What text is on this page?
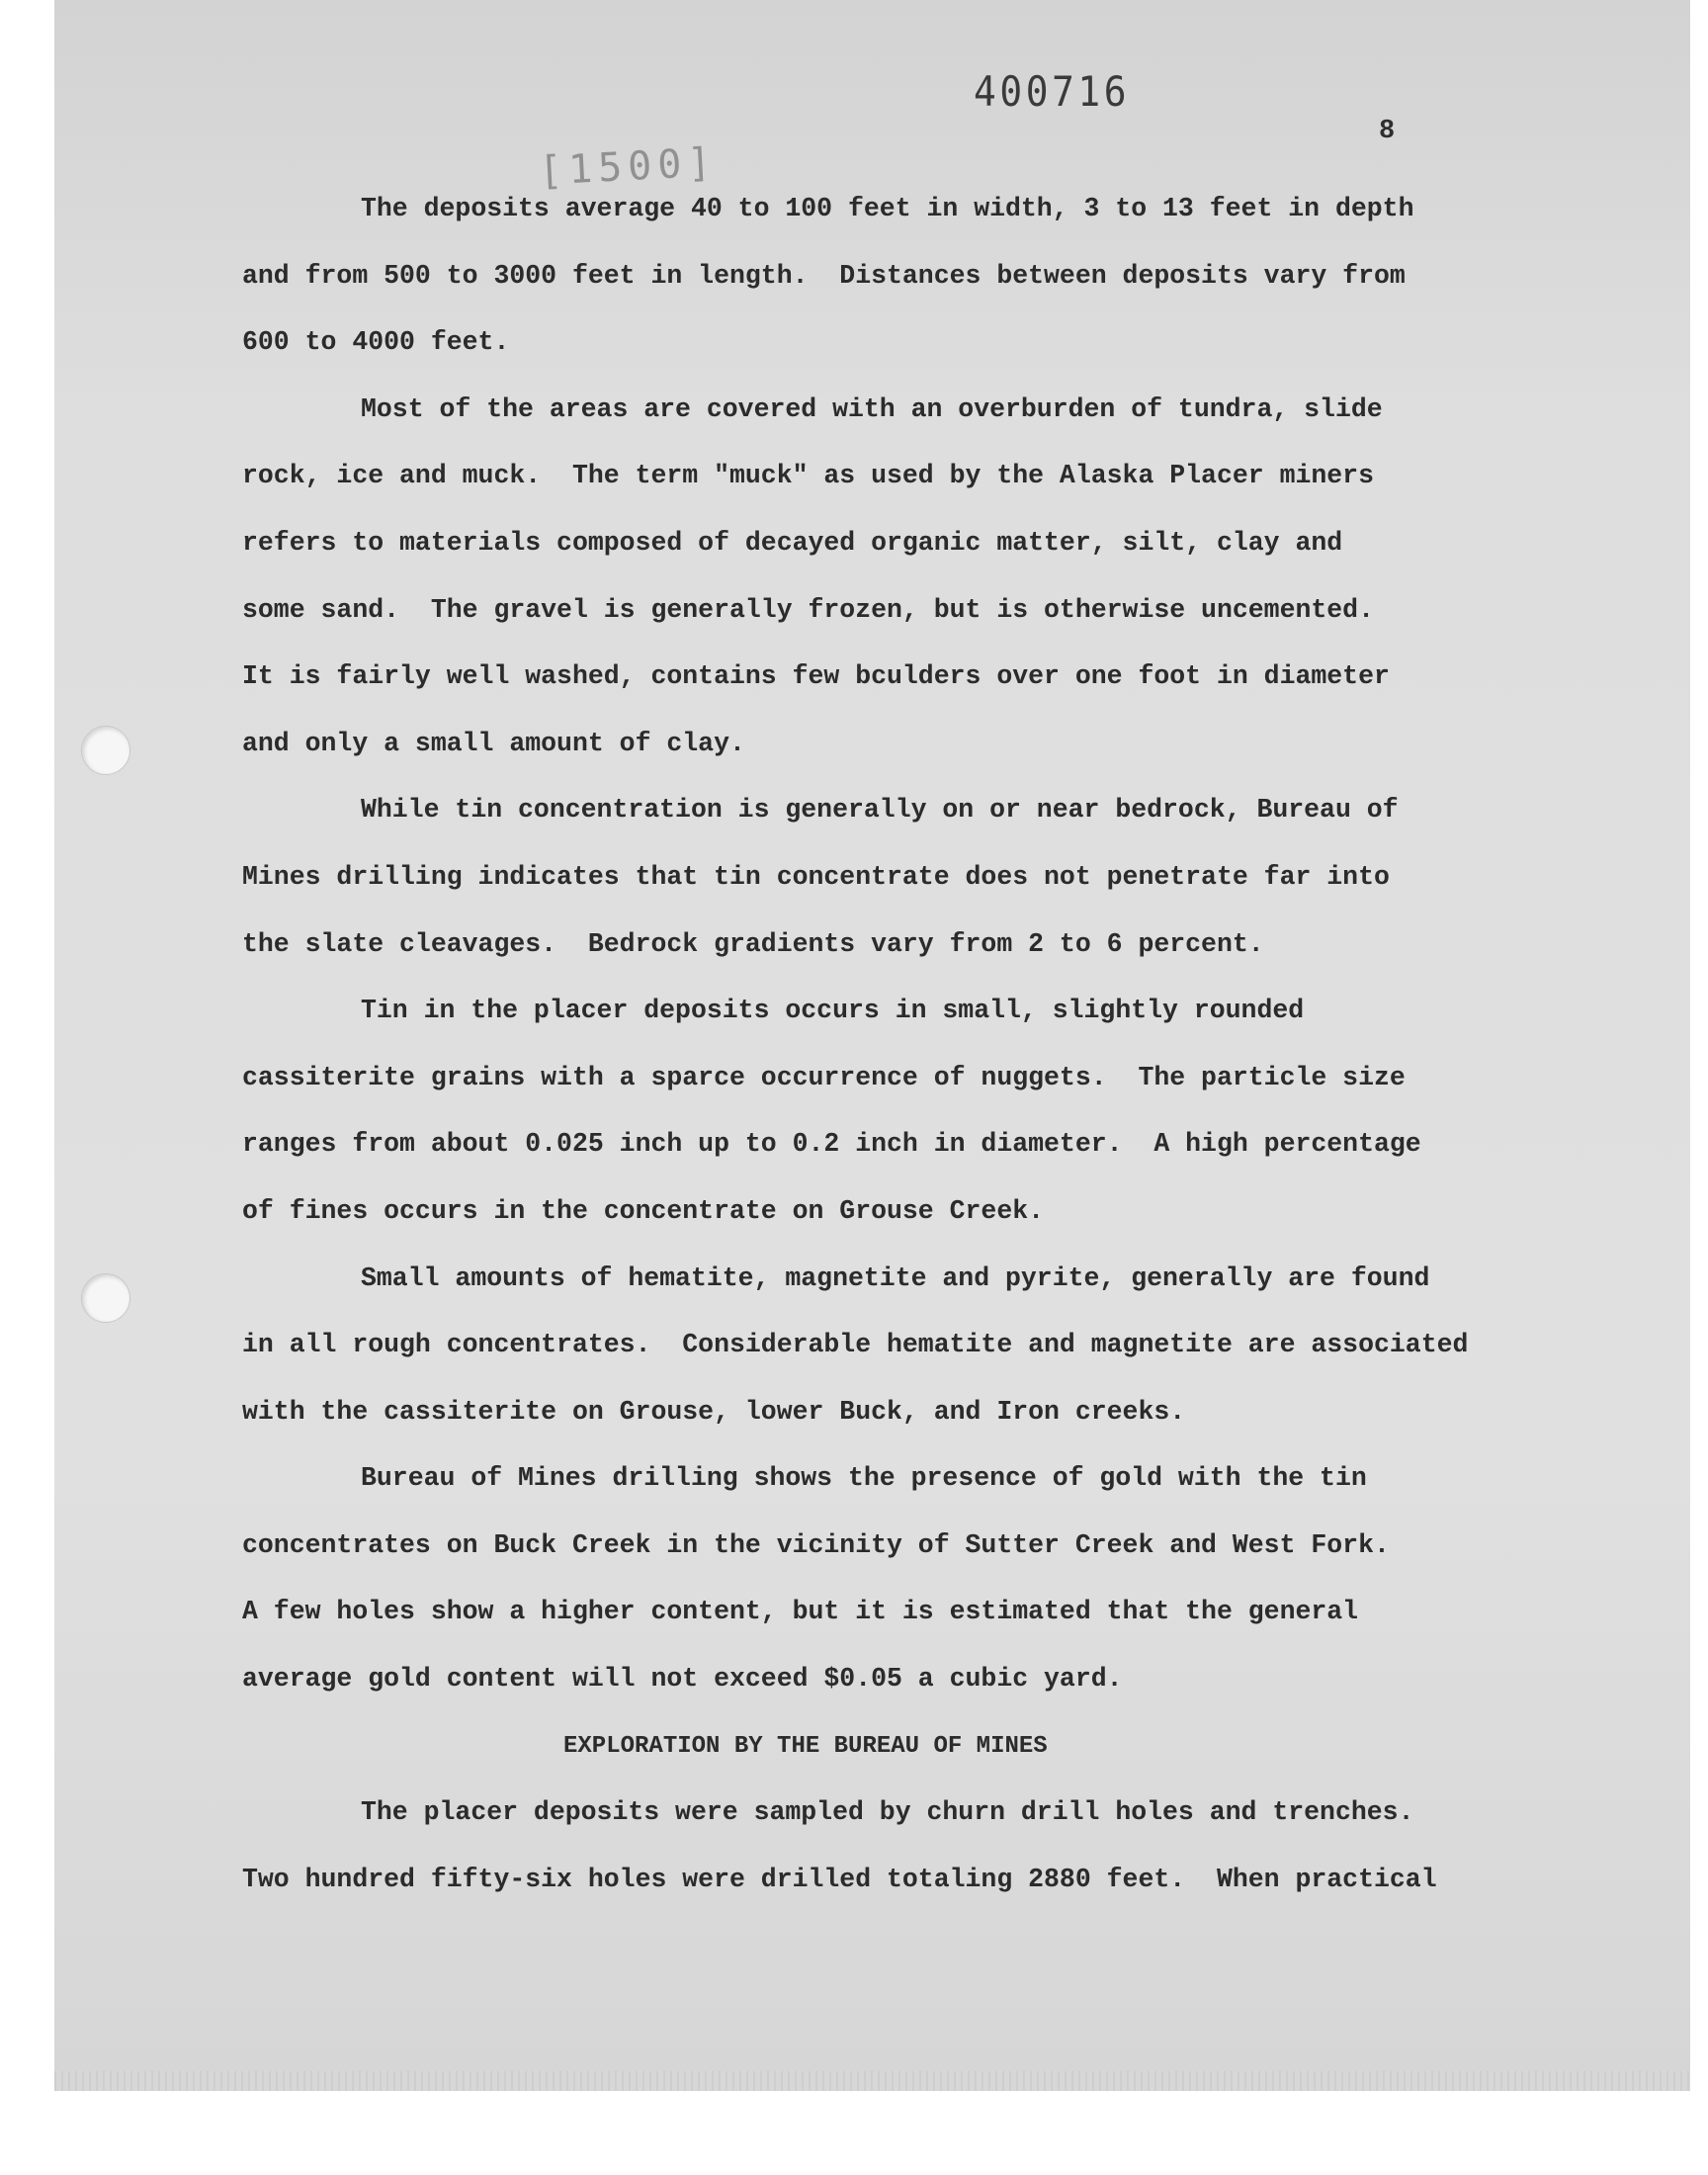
400716
[1500]
8
The deposits average 40 to 100 feet in width, 3 to 13 feet in depth
and from 500 to 3000 feet in length.  Distances between deposits vary from
600 to 4000 feet.
Most of the areas are covered with an overburden of tundra, slide
rock, ice and muck.  The term "muck" as used by the Alaska Placer miners
refers to materials composed of decayed organic matter, silt, clay and
some sand.  The gravel is generally frozen, but is otherwise uncemented.
It is fairly well washed, contains few bculders over one foot in diameter
and only a small amount of clay.
While tin concentration is generally on or near bedrock, Bureau of
Mines drilling indicates that tin concentrate does not penetrate far into
the slate cleavages.  Bedrock gradients vary from 2 to 6 percent.
Tin in the placer deposits occurs in small, slightly rounded
cassiterite grains with a sparce occurrence of nuggets.  The particle size
ranges from about 0.025 inch up to 0.2 inch in diameter.  A high percentage
of fines occurs in the concentrate on Grouse Creek.
Small amounts of hematite, magnetite and pyrite, generally are found
in all rough concentrates.  Considerable hematite and magnetite are associated
with the cassiterite on Grouse, lower Buck, and Iron creeks.
Bureau of Mines drilling shows the presence of gold with the tin
concentrates on Buck Creek in the vicinity of Sutter Creek and West Fork.
A few holes show a higher content, but it is estimated that the general
average gold content will not exceed $0.05 a cubic yard.
EXPLORATION BY THE BUREAU OF MINES
The placer deposits were sampled by churn drill holes and trenches.
Two hundred fifty-six holes were drilled totaling 2880 feet.  When practical
